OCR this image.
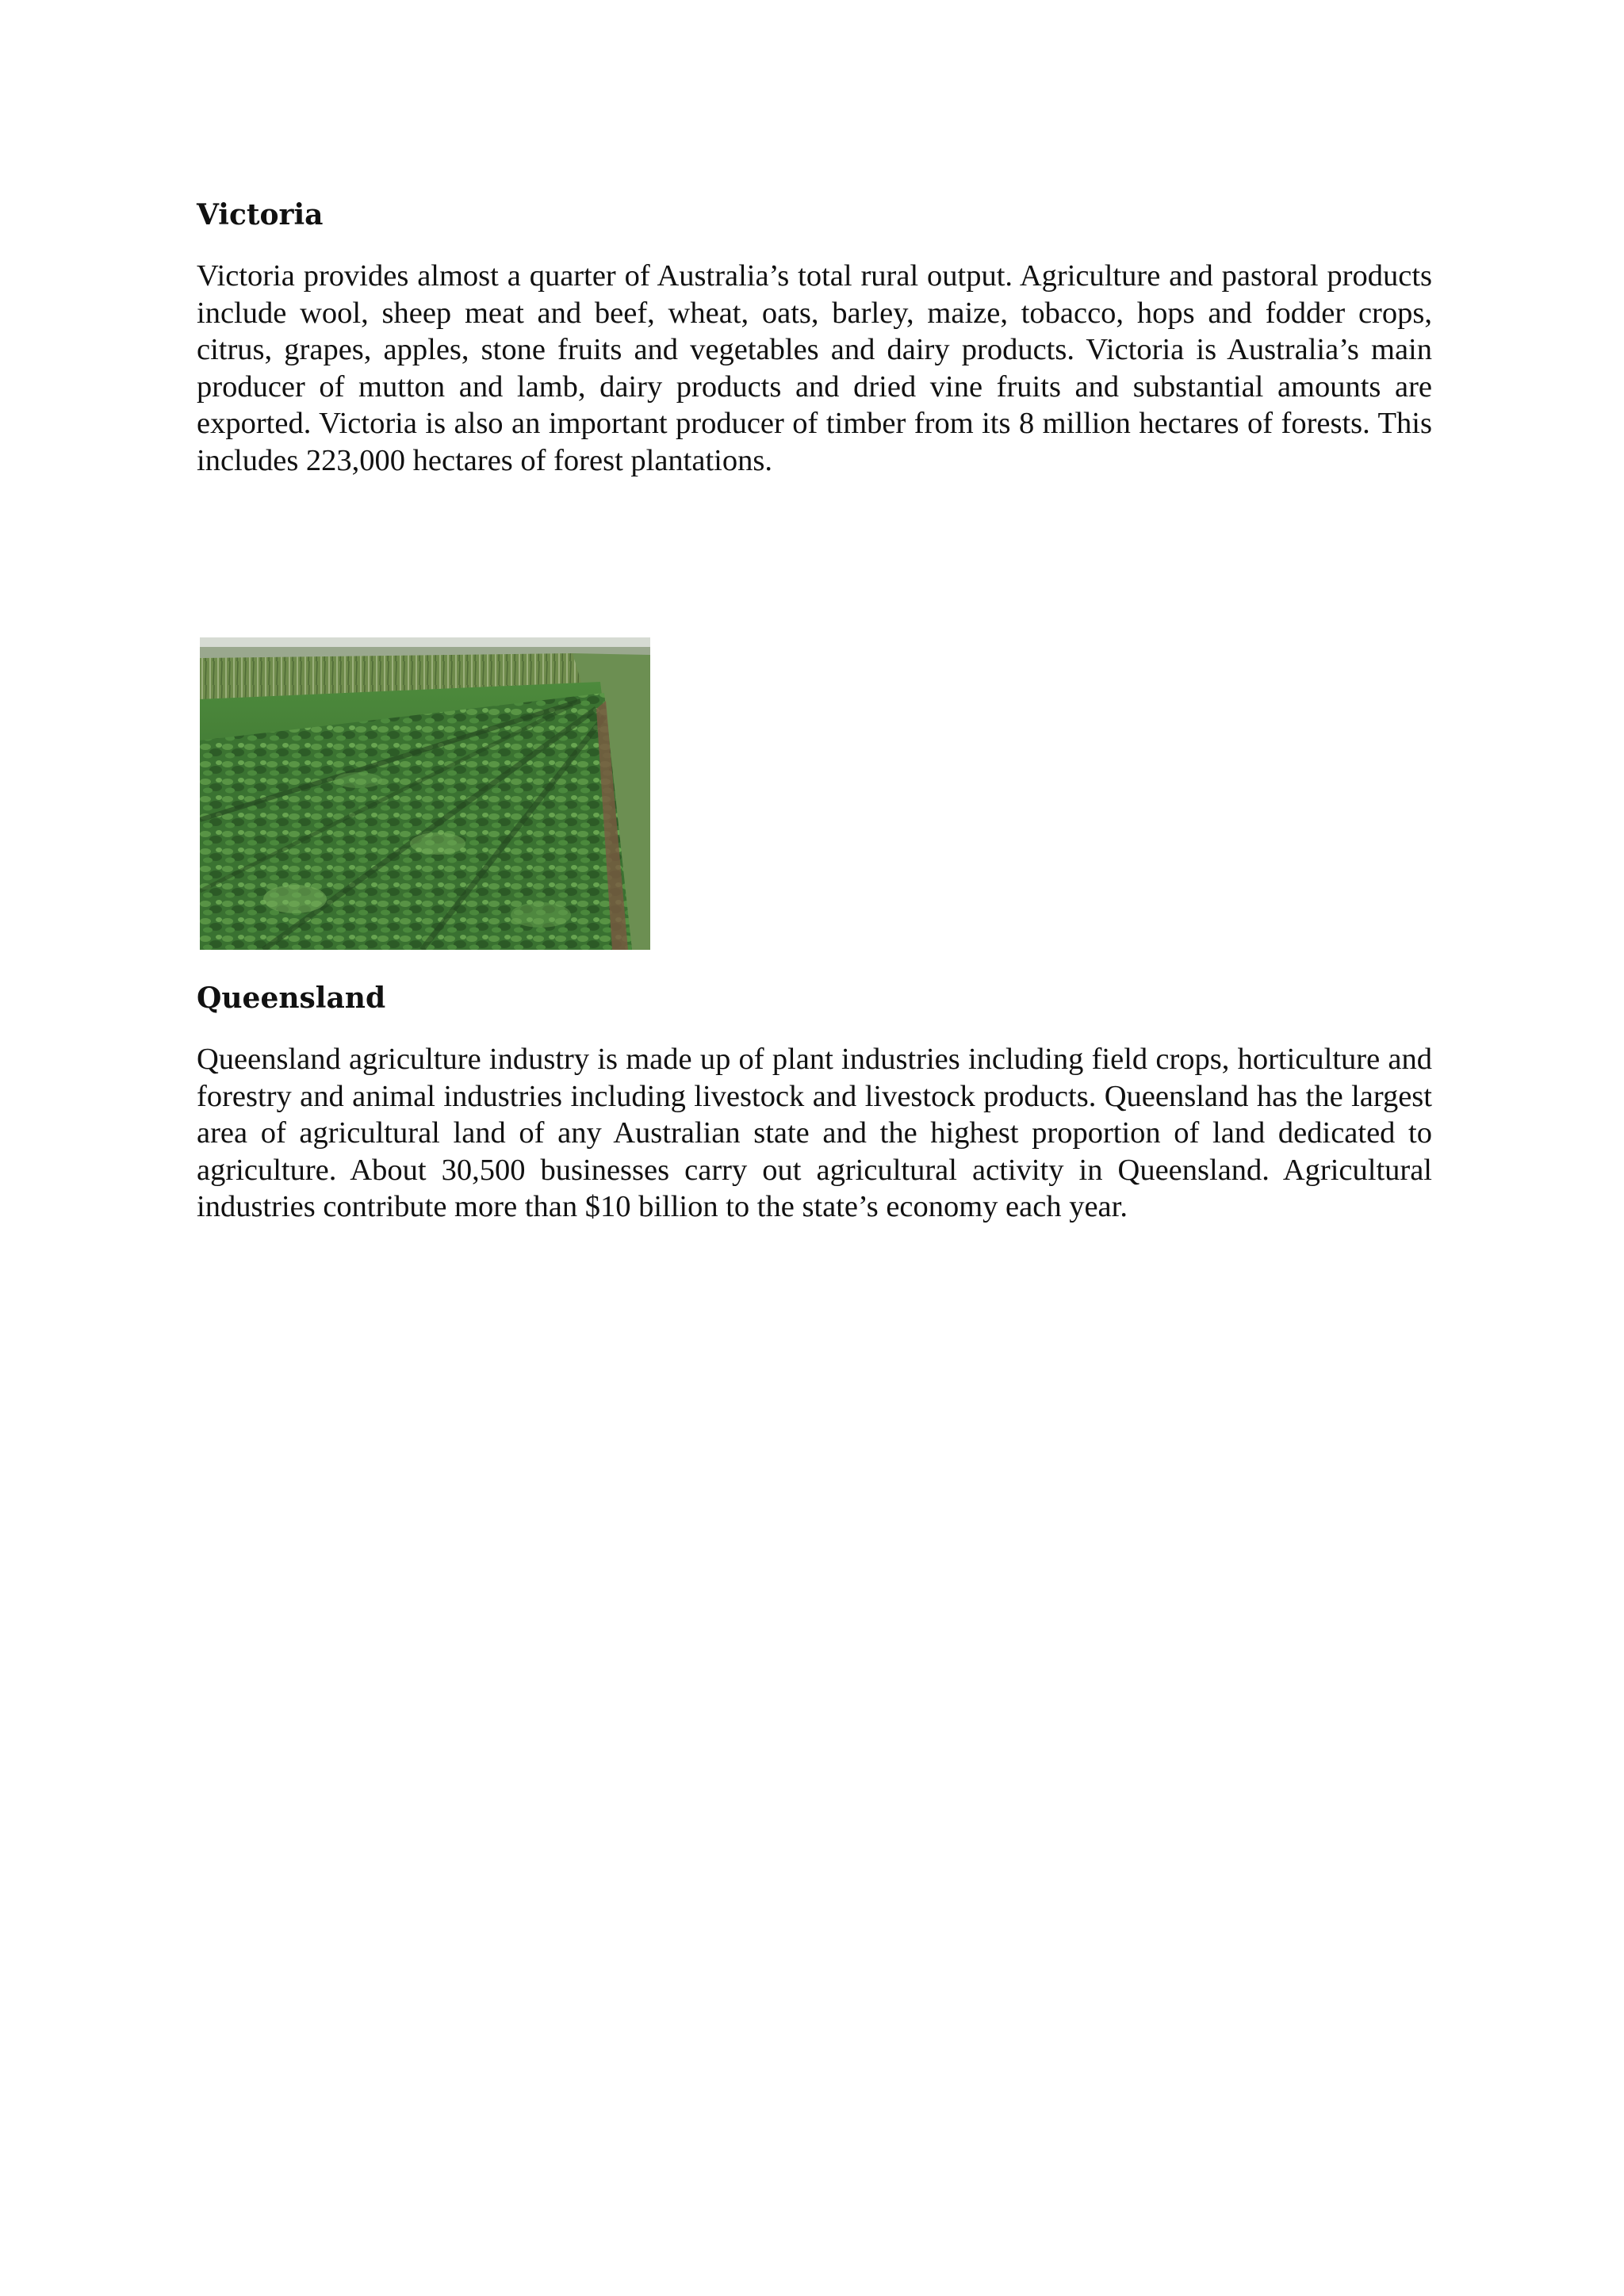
Victoria

Victoria provides almost a quarter of Australia’s total rural output. Agriculture and pastoral products include wool, sheep meat and beef, wheat, oats, barley, maize, tobacco, hops and fodder crops, citrus, grapes, apples, stone fruits and vegetables and dairy products. Victoria is Australia’s main producer of mutton and lamb, dairy products and dried vine fruits and substantial amounts are exported. Victoria is also an important producer of timber from its 8 million hectares of forests. This includes 223,000 hectares of forest plantations.

Queensland

Queensland agriculture industry is made up of plant industries including field crops, horticulture and forestry and animal industries including livestock and livestock products. Queensland has the largest area of agricultural land of any Australian state and the highest proportion of land dedicated to agriculture. About 30,500 businesses carry out agricultural activity in Queensland. Agricultural industries contribute more than $10 billion to the state’s economy each year.
